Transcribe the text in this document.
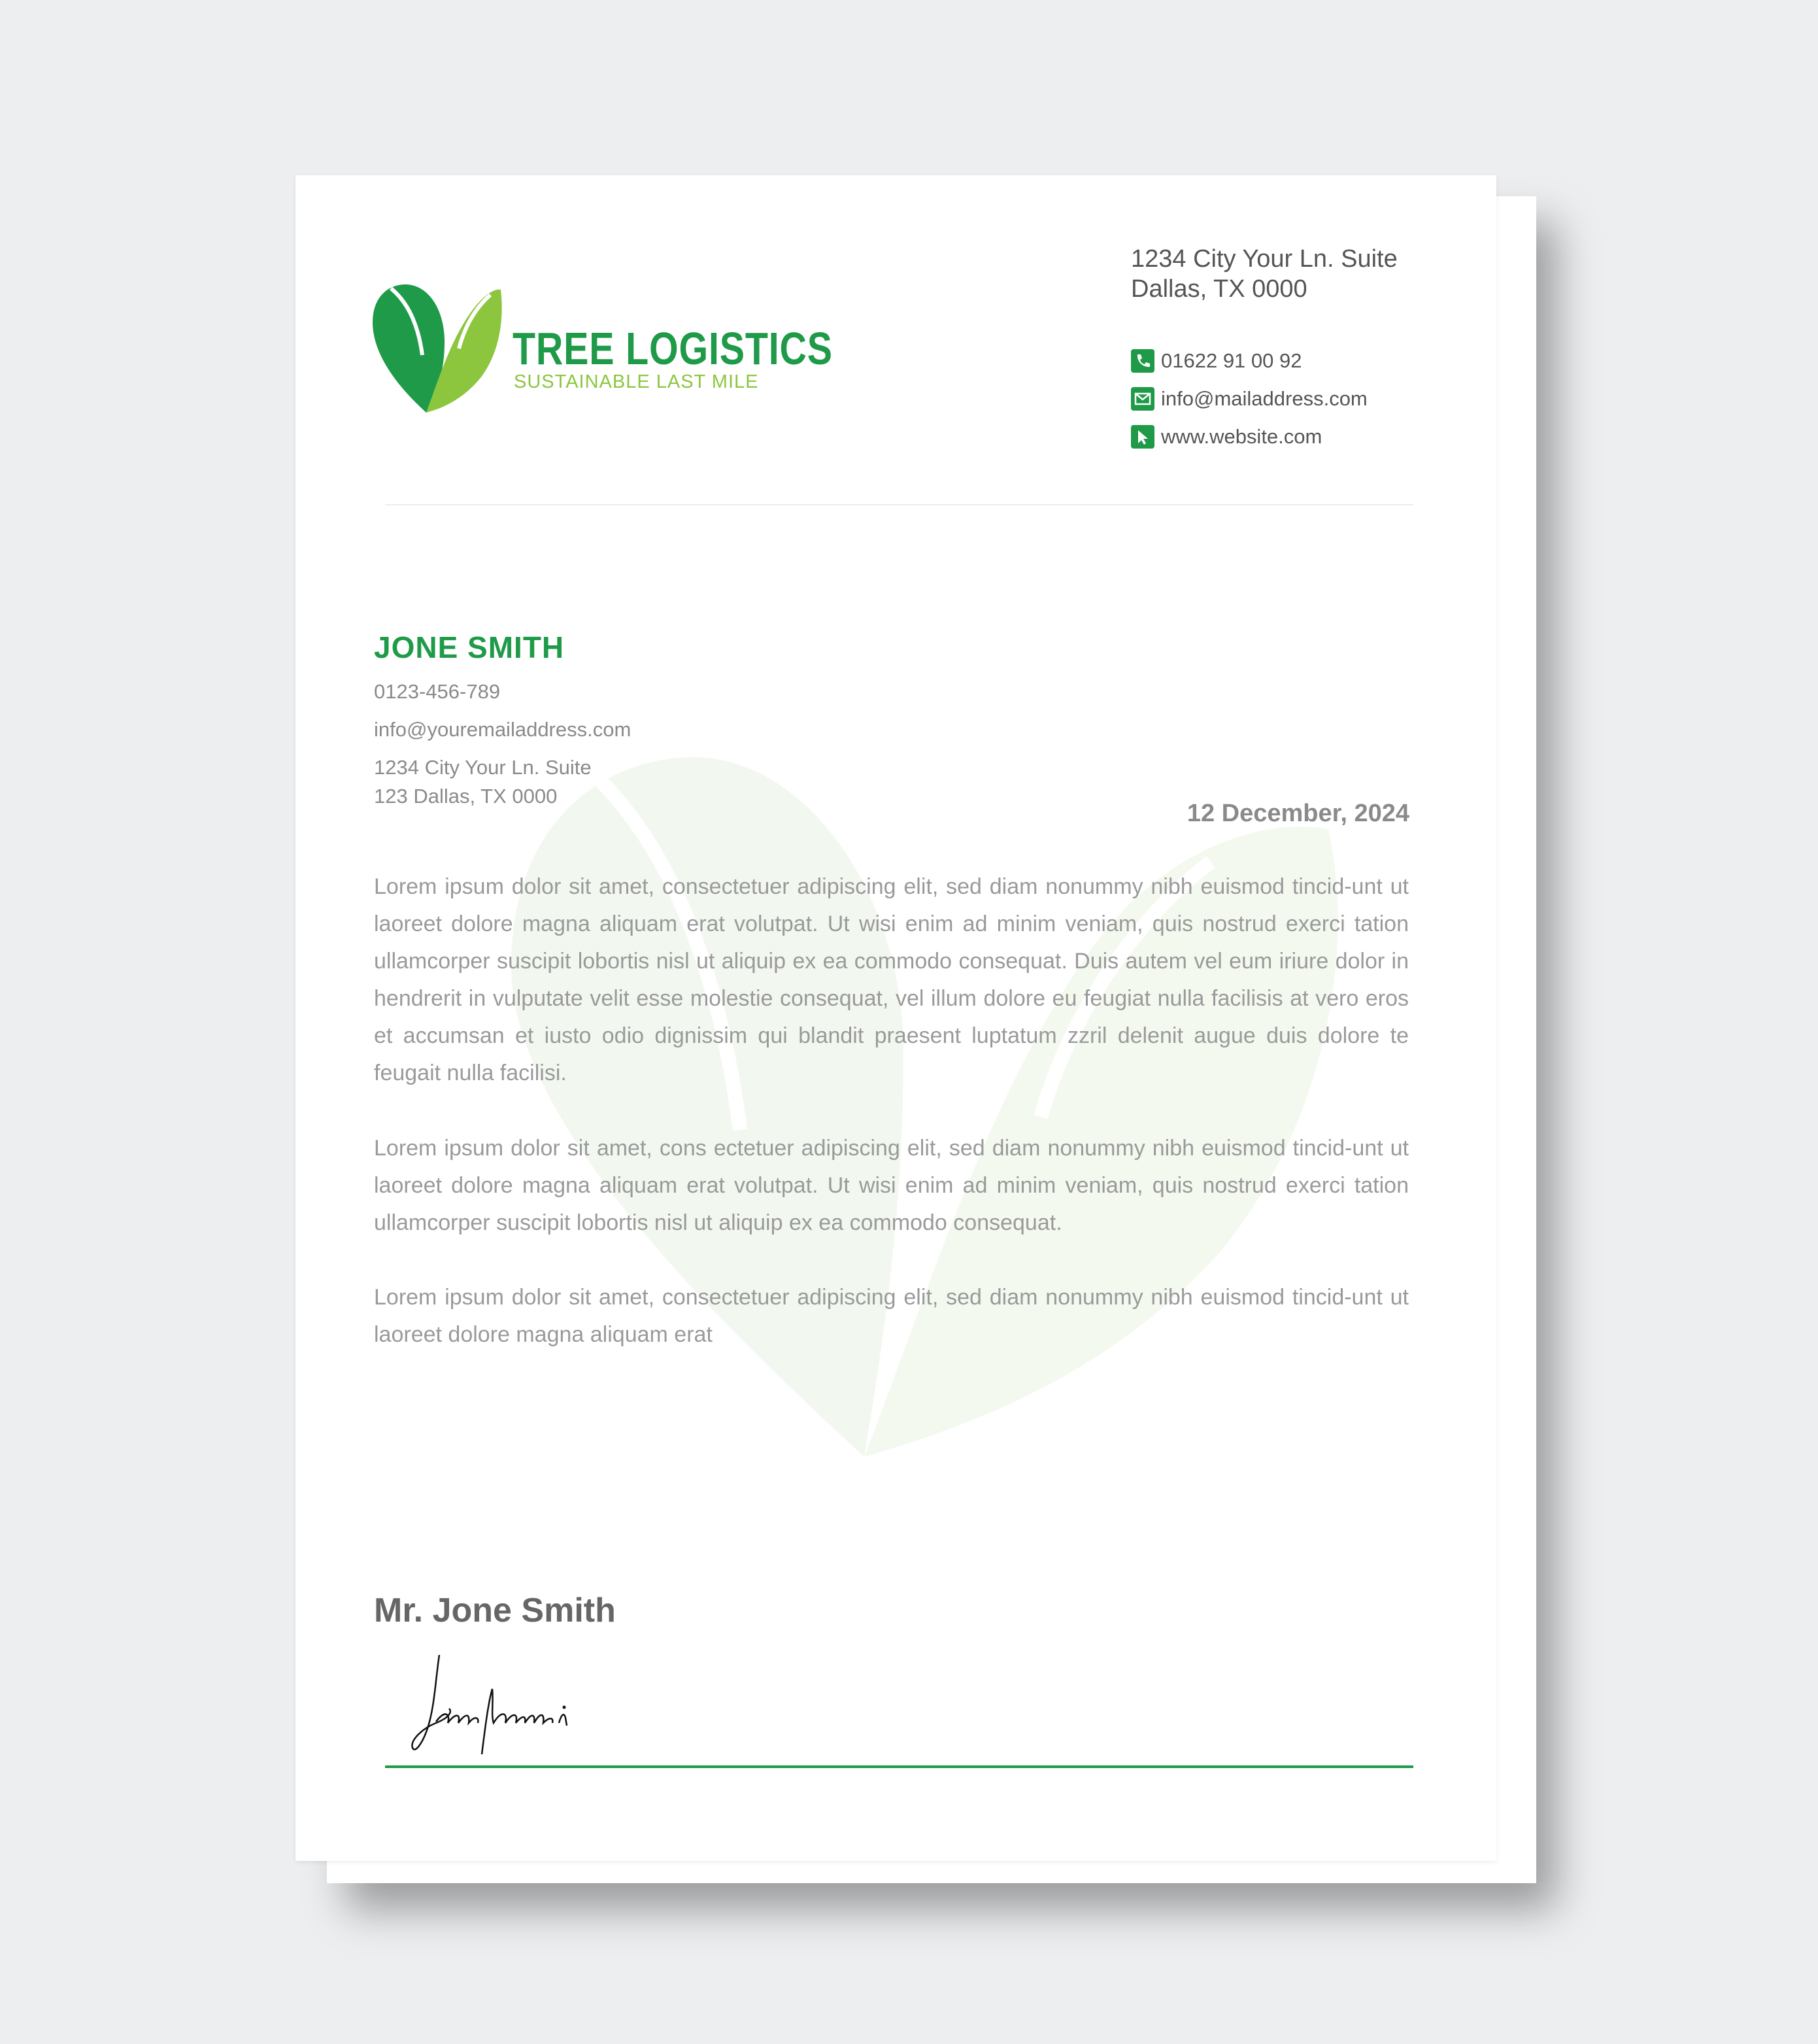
TREE LOGISTICS
SUSTAINABLE LAST MILE
1234 City Your Ln. Suite
Dallas, TX 0000
01622 91 00 92
info@mailaddress.com
www.website.com
JONE SMITH
0123-456-789
info@youremailaddress.com
1234 City Your Ln. Suite
123 Dallas, TX 0000
12 December, 2024

Lorem ipsum dolor sit amet, consectetuer adipiscing elit, sed diam nonummy nibh euismod tincid-unt ut laoreet dolore magna aliquam erat volutpat. Ut wisi enim ad minim veniam, quis nostrud exerci tation ullamcorper suscipit lobortis nisl ut aliquip ex ea commodo consequat. Duis autem vel eum iriure dolor in hendrerit in vulputate velit esse molestie consequat, vel illum dolore eu feugiat nulla facilisis at vero eros et accumsan et iusto odio dignissim qui blandit praesent luptatum zzril delenit augue duis dolore te feugait nulla facilisi.

Lorem ipsum dolor sit amet, cons ectetuer adipiscing elit, sed diam nonummy nibh euismod tincid-unt ut laoreet dolore magna aliquam erat volutpat. Ut wisi enim ad minim veniam, quis nostrud exerci tation ullamcorper suscipit lobortis nisl ut aliquip ex ea commodo consequat.

Lorem ipsum dolor sit amet, consectetuer adipiscing elit, sed diam nonummy nibh euismod tincid-unt ut laoreet dolore magna aliquam erat

Mr. Jone Smith
